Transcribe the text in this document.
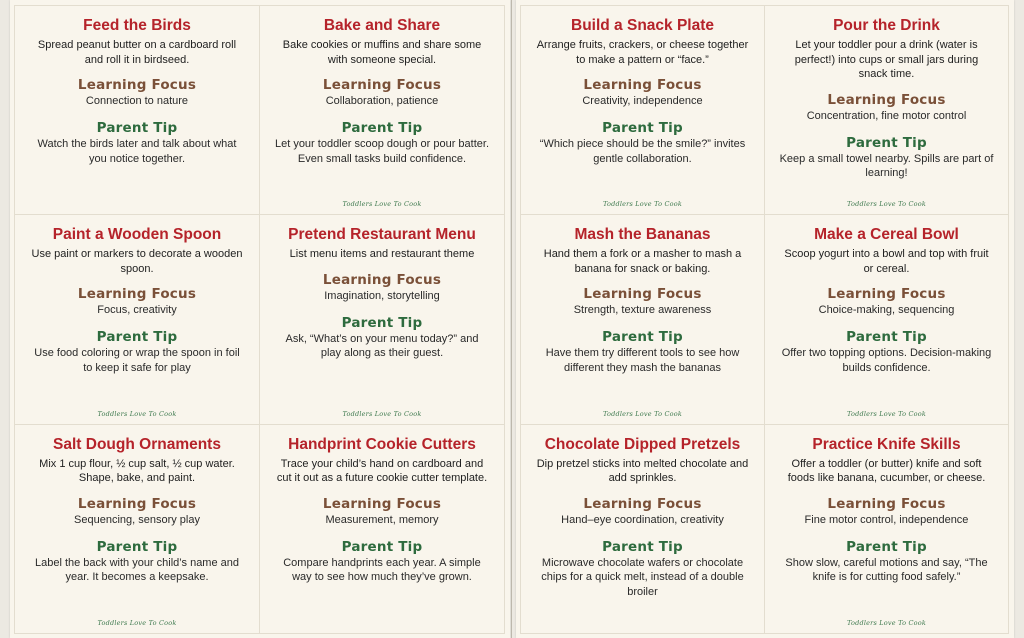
Feed the Birds
Spread peanut butter on a cardboard roll and roll it in birdseed.
Learning Focus
Connection to nature
Parent Tip
Watch the birds later and talk about what you notice together.
Bake and Share
Bake cookies or muffins and share some with someone special.
Learning Focus
Collaboration, patience
Parent Tip
Let your toddler scoop dough or pour batter. Even small tasks build confidence.
Toddlers Love To Cook
Paint a Wooden Spoon
Use paint or markers to decorate a wooden spoon.
Learning Focus
Focus, creativity
Parent Tip
Use food coloring or wrap the spoon in foil to keep it safe for play
Toddlers Love To Cook
Pretend Restaurant Menu
List menu items and restaurant theme
Learning Focus
Imagination, storytelling
Parent Tip
Ask, “What’s on your menu today?” and play along as their guest.
Toddlers Love To Cook
Salt Dough Ornaments
Mix 1 cup flour, ½ cup salt, ½ cup water. Shape, bake, and paint.
Learning Focus
Sequencing, sensory play
Parent Tip
Label the back with your child’s name and year. It becomes a keepsake.
Toddlers Love To Cook
Handprint Cookie Cutters
Trace your child’s hand on cardboard and cut it out as a future cookie cutter template.
Learning Focus
Measurement, memory
Parent Tip
Compare handprints each year. A simple way to see how much they’ve grown.
Build a Snack Plate
Arrange fruits, crackers, or cheese together to make a pattern or “face.”
Learning Focus
Creativity, independence
Parent Tip
“Which piece should be the smile?” invites gentle collaboration.
Toddlers Love To Cook
Pour the Drink
Let your toddler pour a drink (water is perfect!) into cups or small jars during snack time.
Learning Focus
Concentration, fine motor control
Parent Tip
Keep a small towel nearby. Spills are part of learning!
Toddlers Love To Cook
Mash the Bananas
Hand them a fork or a masher to mash a banana for snack or baking.
Learning Focus
Strength, texture awareness
Parent Tip
Have them try different tools to see how different they mash the bananas
Toddlers Love To Cook
Make a Cereal Bowl
Scoop yogurt into a bowl and top with fruit or cereal.
Learning Focus
Choice-making, sequencing
Parent Tip
Offer two topping options. Decision-making builds confidence.
Toddlers Love To Cook
Chocolate Dipped Pretzels
Dip pretzel sticks into melted chocolate and add sprinkles.
Learning Focus
Hand–eye coordination, creativity
Parent Tip
Microwave chocolate wafers or chocolate chips for a quick melt, instead of a double broiler
Practice Knife Skills
Offer a toddler (or butter) knife and soft foods like banana, cucumber, or cheese.
Learning Focus
Fine motor control, independence
Parent Tip
Show slow, careful motions and say, “The knife is for cutting food safely.”
Toddlers Love To Cook
